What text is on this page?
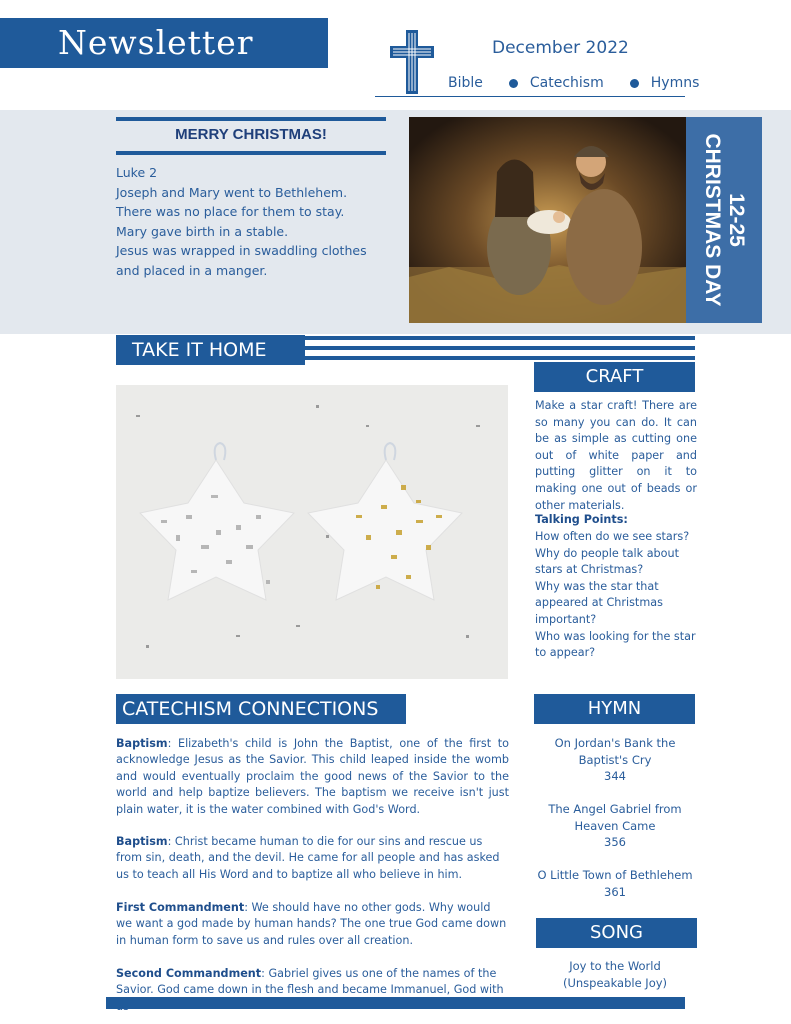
Newsletter	December 2022
Bible	Catechism	Hymns
MERRY CHRISTMAS!
Luke 2
Joseph and Mary went to Bethlehem.
There was no place for them to stay.
Mary gave birth in a stable.
Jesus was wrapped in swaddling clothes
and placed in a manger.
12-25
CHRISTMAS DAY
TAKE IT HOME
CRAFT
Make a star craft! There are so many you can do. It can be as simple as cutting one out of white paper and putting glitter on it to making one out of beads or other materials.
Talking Points:
How often do we see stars?
Why do people talk about stars at Christmas?
Why was the star that appeared at Christmas important?
Who was looking for the star to appear?
CATECHISM CONNECTIONS
Baptism: Elizabeth's child is John the Baptist, one of the first to acknowledge Jesus as the Savior. This child leaped inside the womb and would eventually proclaim the good news of the Savior to the world and help baptize believers. The baptism we receive isn't just plain water, it is the water combined with God's Word.
Baptism: Christ became human to die for our sins and rescue us from sin, death, and the devil. He came for all people and has asked us to teach all His Word and to baptize all who believe in him.
First Commandment: We should have no other gods. Why would we want a god made by human hands? The one true God came down in human form to save us and rules over all creation.
Second Commandment: Gabriel gives us one of the names of the Savior. God came down in the flesh and became Immanuel, God with
HYMN
On Jordan's Bank the
Baptist's Cry
344
The Angel Gabriel from
Heaven Came
356
O Little Town of Bethlehem
361
SONG
Joy to the World
(Unspeakable Joy)
